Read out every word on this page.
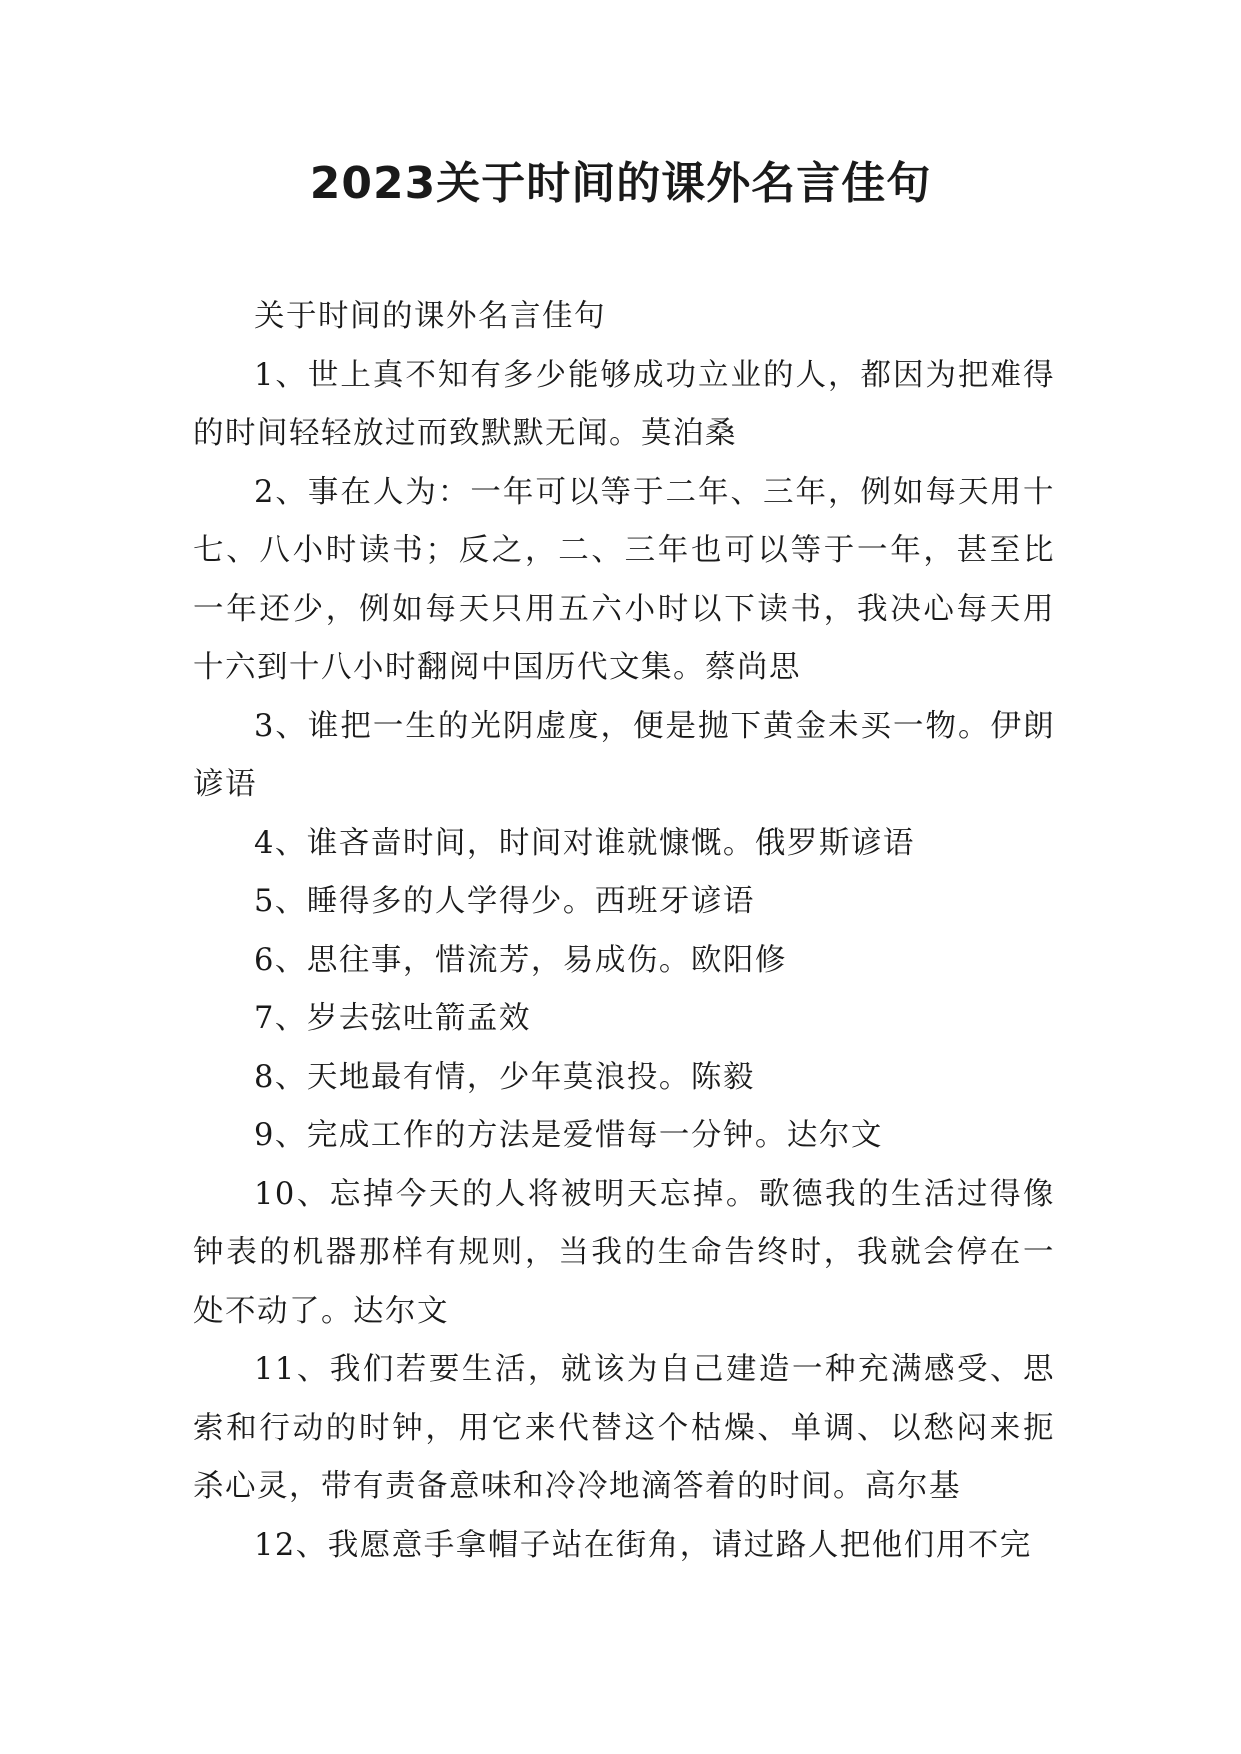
2023关于时间的课外名言佳句

关于时间的课外名言佳句

1、世上真不知有多少能够成功立业的人，都因为把难得的时间轻轻放过而致默默无闻。莫泊桑

2、事在人为：一年可以等于二年、三年，例如每天用十七、八小时读书；反之，二、三年也可以等于一年，甚至比一年还少，例如每天只用五六小时以下读书，我决心每天用十六到十八小时翻阅中国历代文集。蔡尚思

3、谁把一生的光阴虚度，便是抛下黄金未买一物。伊朗谚语

4、谁吝啬时间，时间对谁就慷慨。俄罗斯谚语

5、睡得多的人学得少。西班牙谚语

6、思往事，惜流芳，易成伤。欧阳修

7、岁去弦吐箭孟效

8、天地最有情，少年莫浪投。陈毅

9、完成工作的方法是爱惜每一分钟。达尔文

10、忘掉今天的人将被明天忘掉。歌德我的生活过得像钟表的机器那样有规则，当我的生命告终时，我就会停在一处不动了。达尔文

11、我们若要生活，就该为自己建造一种充满感受、思索和行动的时钟，用它来代替这个枯燥、单调、以愁闷来扼杀心灵，带有责备意味和冷冷地滴答着的时间。高尔基

12、我愿意手拿帽子站在街角，请过路人把他们用不完
